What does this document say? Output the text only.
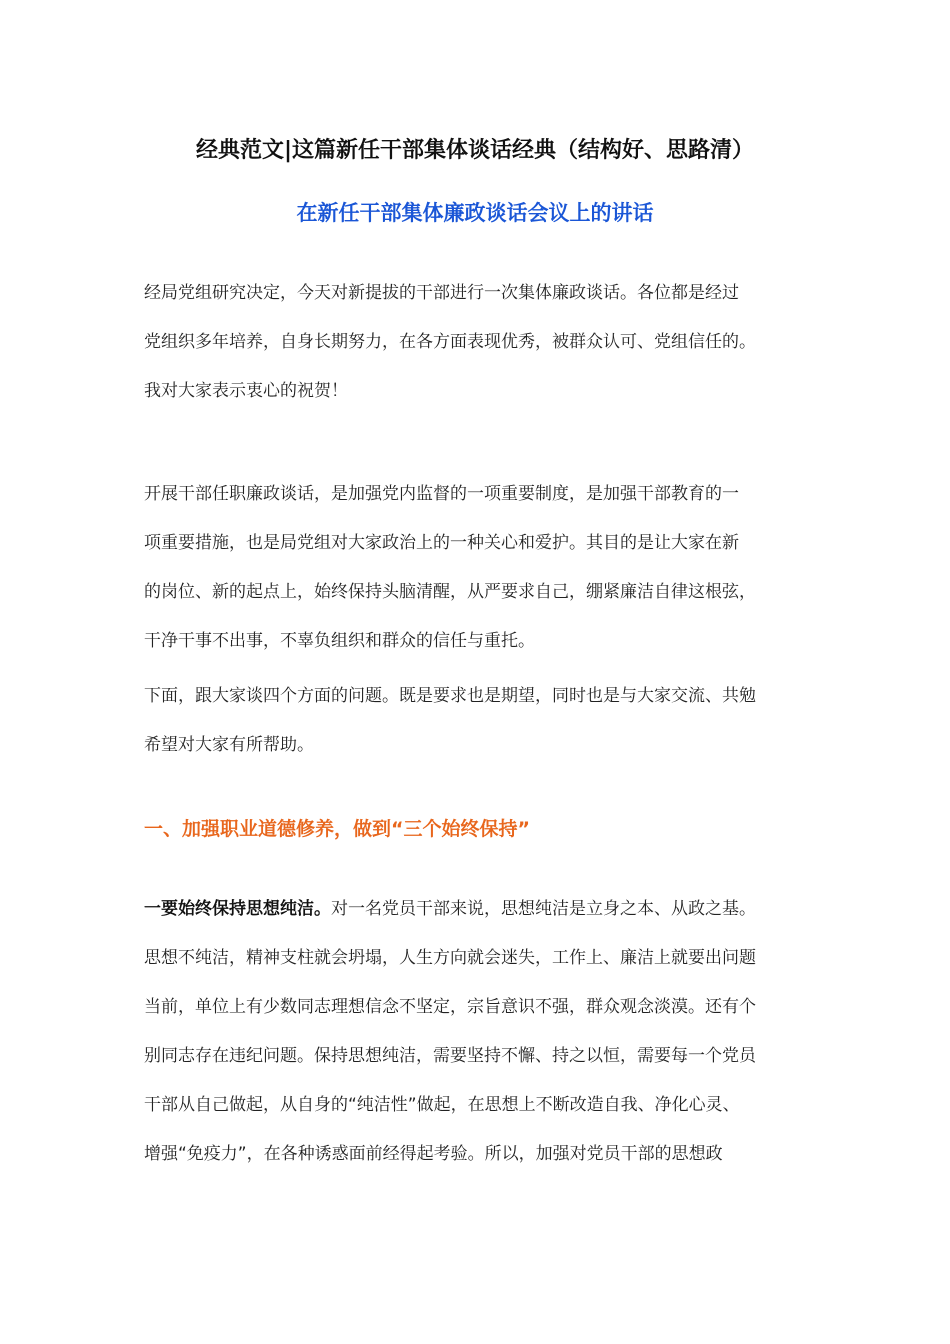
经典范文|这篇新任干部集体谈话经典（结构好、思路清）
在新任干部集体廉政谈话会议上的讲话
经局党组研究决定，今天对新提拔的干部进行一次集体廉政谈话。各位都是经过
党组织多年培养，自身长期努力，在各方面表现优秀，被群众认可、党组信任的。
我对大家表示衷心的祝贺！
开展干部任职廉政谈话，是加强党内监督的一项重要制度，是加强干部教育的一
项重要措施，也是局党组对大家政治上的一种关心和爱护。其目的是让大家在新
的岗位、新的起点上，始终保持头脑清醒，从严要求自己，绷紧廉洁自律这根弦，
干净干事不出事，不辜负组织和群众的信任与重托。
下面，跟大家谈四个方面的问题。既是要求也是期望，同时也是与大家交流、共勉
希望对大家有所帮助。
一、加强职业道德修养，做到“三个始终保持”
一要始终保持思想纯洁。对一名党员干部来说，思想纯洁是立身之本、从政之基。
思想不纯洁，精神支柱就会坍塌，人生方向就会迷失，工作上、廉洁上就要出问题
当前，单位上有少数同志理想信念不坚定，宗旨意识不强，群众观念淡漠。还有个
别同志存在违纪问题。保持思想纯洁，需要坚持不懈、持之以恒，需要每一个党员
干部从自己做起，从自身的“纯洁性”做起，在思想上不断改造自我、净化心灵、
增强“免疫力”，在各种诱惑面前经得起考验。所以，加强对党员干部的思想政
